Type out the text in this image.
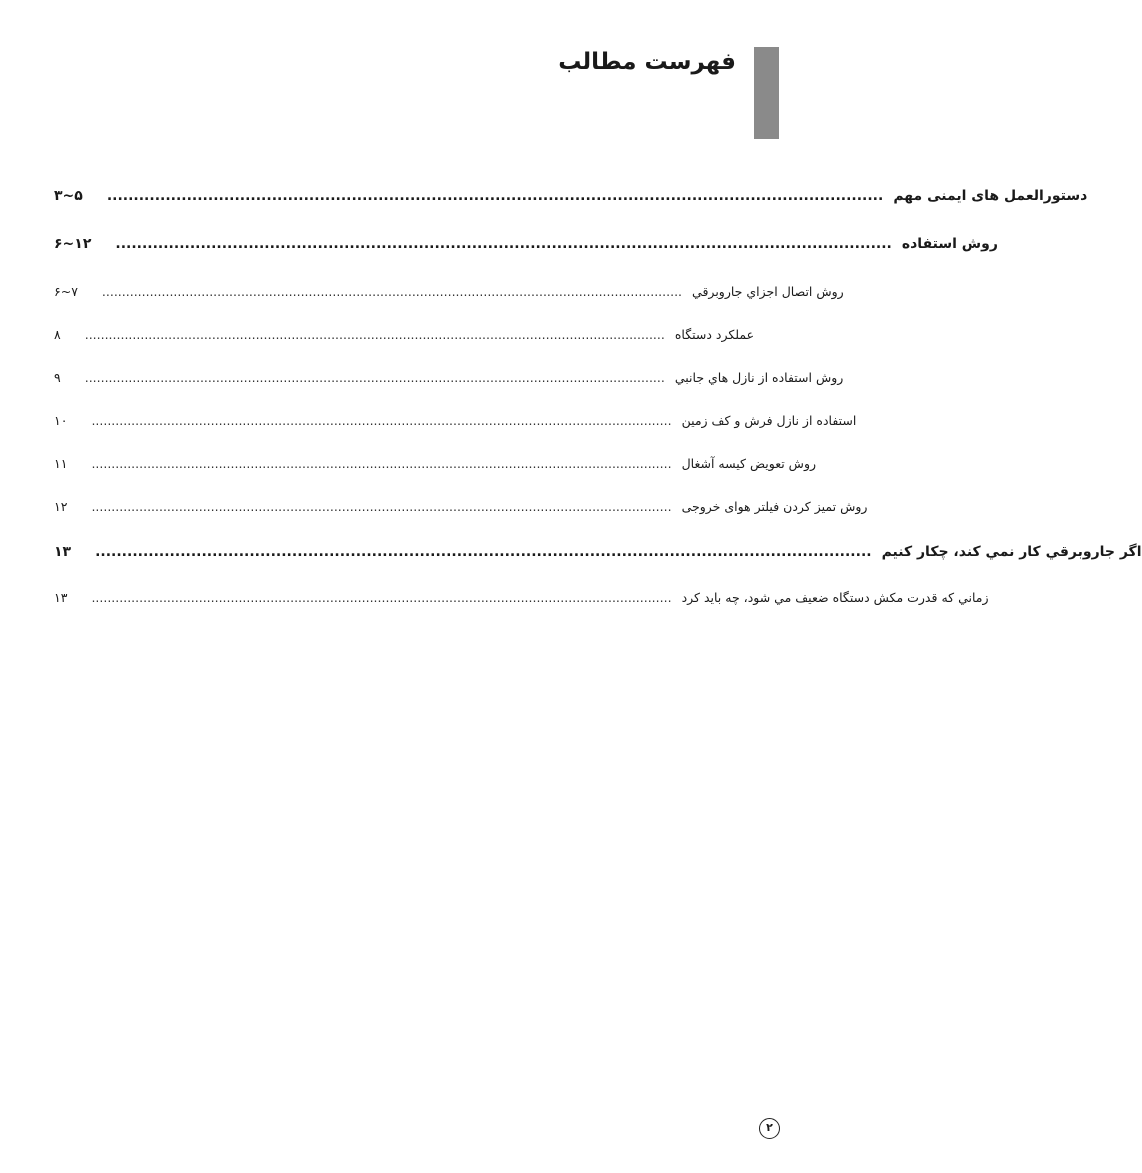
فهرست مطالب
۳~۵	.................................................................................................................................................. دستورالعمل های ایمنی مهم
۶~۱۲	.................................................................................................................................................. روش استفاده
۶~۷	.................................................................................................................................................. روش اتصال اجزاي جاروبرقي
۸	.................................................................................................................................................. عملکرد دستگاه
۹	.................................................................................................................................................. روش استفاده از نازل هاي جانبي
۱۰	.................................................................................................................................................. استفاده از نازل فرش و کف زمین
۱۱	.................................................................................................................................................. روش تعویض کیسه آشغال
۱۲	.................................................................................................................................................. روش تمیز کردن فیلتر هوای خروجی
۱۳	.................................................................................................................................................. اگر جاروبرقي کار نمي کند، چکار کنیم
۱۳	.................................................................................................................................................. زماني که قدرت مکش دستگاه ضعیف مي شود، چه باید کرد
۲
